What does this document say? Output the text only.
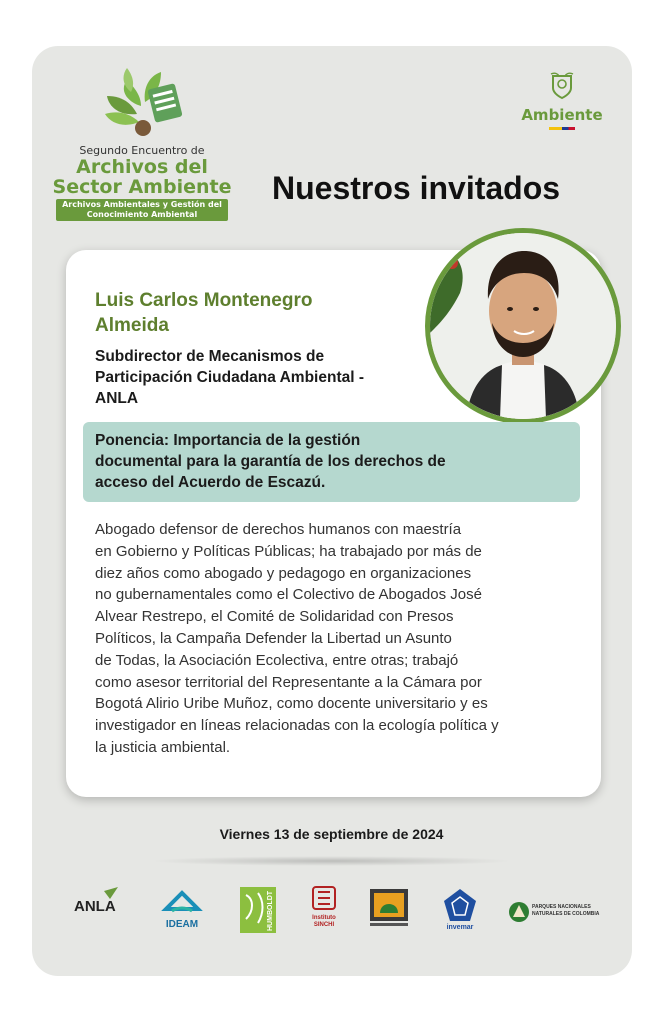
Segundo Encuentro de
Archivos del
Sector Ambiente
Archivos Ambientales y Gestión del
Conocimiento Ambiental
Ambiente
Nuestros invitados
Luis Carlos Montenegro
Almeida
Subdirector de Mecanismos de
Participación Ciudadana Ambiental -
ANLA
Ponencia: Importancia de la gestión
documental para la garantía de los derechos de
acceso del Acuerdo de Escazú.
Abogado defensor de derechos humanos con maestría
en Gobierno y Políticas Públicas; ha trabajado por más de
diez años como abogado y pedagogo en organizaciones
no gubernamentales como el Colectivo de Abogados José
Alvear Restrepo, el Comité de Solidaridad con Presos
Políticos, la Campaña Defender la Libertad un Asunto
de Todas, la Asociación Ecolectiva, entre otras; trabajó
como asesor territorial del Representante a la Cámara por
Bogotá Alirio Uribe Muñoz, como docente universitario y es
investigador en líneas relacionadas con la ecología política y
la justicia ambiental.
Viernes 13 de septiembre de 2024
ANLA
IDEAM	HUMBOLDT	Instituto
SINCHI	invemar
PARQUES NACIONALES
NATURALES DE COLOMBIA
